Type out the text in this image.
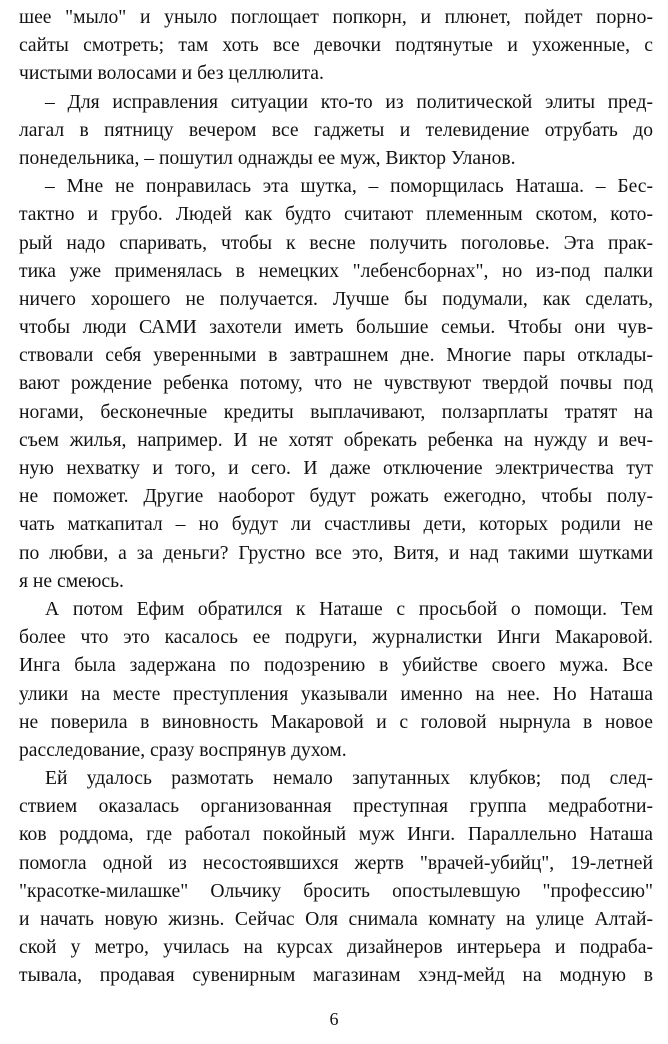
шее "мыло" и уныло поглощает попкорн, и плюнет, пойдет порно-
сайты смотреть; там хоть все девочки подтянутые и ухоженные, с
чистыми волосами и без целлюлита.
– Для исправления ситуации кто-то из политической элиты пред-
лагал в пятницу вечером все гаджеты и телевидение отрубать до
понедельника, – пошутил однажды ее муж, Виктор Уланов.
– Мне не понравилась эта шутка, – поморщилась Наташа. – Бес-
тактно и грубо. Людей как будто считают племенным скотом, кото-
рый надо спаривать, чтобы к весне получить поголовье. Эта прак-
тика уже применялась в немецких "лебенсборнах", но из-под палки
ничего хорошего не получается. Лучше бы подумали, как сделать,
чтобы люди САМИ захотели иметь большие семьи. Чтобы они чув-
ствовали себя уверенными в завтрашнем дне. Многие пары отклады-
вают рождение ребенка потому, что не чувствуют твердой почвы под
ногами, бесконечные кредиты выплачивают, ползарплаты тратят на
съем жилья, например. И не хотят обрекать ребенка на нужду и веч-
ную нехватку и того, и сего. И даже отключение электричества тут
не поможет. Другие наоборот будут рожать ежегодно, чтобы полу-
чать маткапитал – но будут ли счастливы дети, которых родили не
по любви, а за деньги? Грустно все это, Витя, и над такими шутками
я не смеюсь.
А потом Ефим обратился к Наташе с просьбой о помощи. Тем
более что это касалось ее подруги, журналистки Инги Макаровой.
Инга была задержана по подозрению в убийстве своего мужа. Все
улики на месте преступления указывали именно на нее. Но Наташа
не поверила в виновность Макаровой и с головой нырнула в новое
расследование, сразу воспрянув духом.
Ей удалось размотать немало запутанных клубков; под след-
ствием оказалась организованная преступная группа медработни-
ков роддома, где работал покойный муж Инги. Параллельно Наташа
помогла одной из несостоявшихся жертв "врачей-убийц", 19-летней
"красотке-милашке" Ольчику бросить опостылевшую "профессию"
и начать новую жизнь. Сейчас Оля снимала комнату на улице Алтай-
ской у метро, училась на курсах дизайнеров интерьера и подрабa-
тывала, продавая сувенирным магазинам хэнд-мейд на модную в
6
